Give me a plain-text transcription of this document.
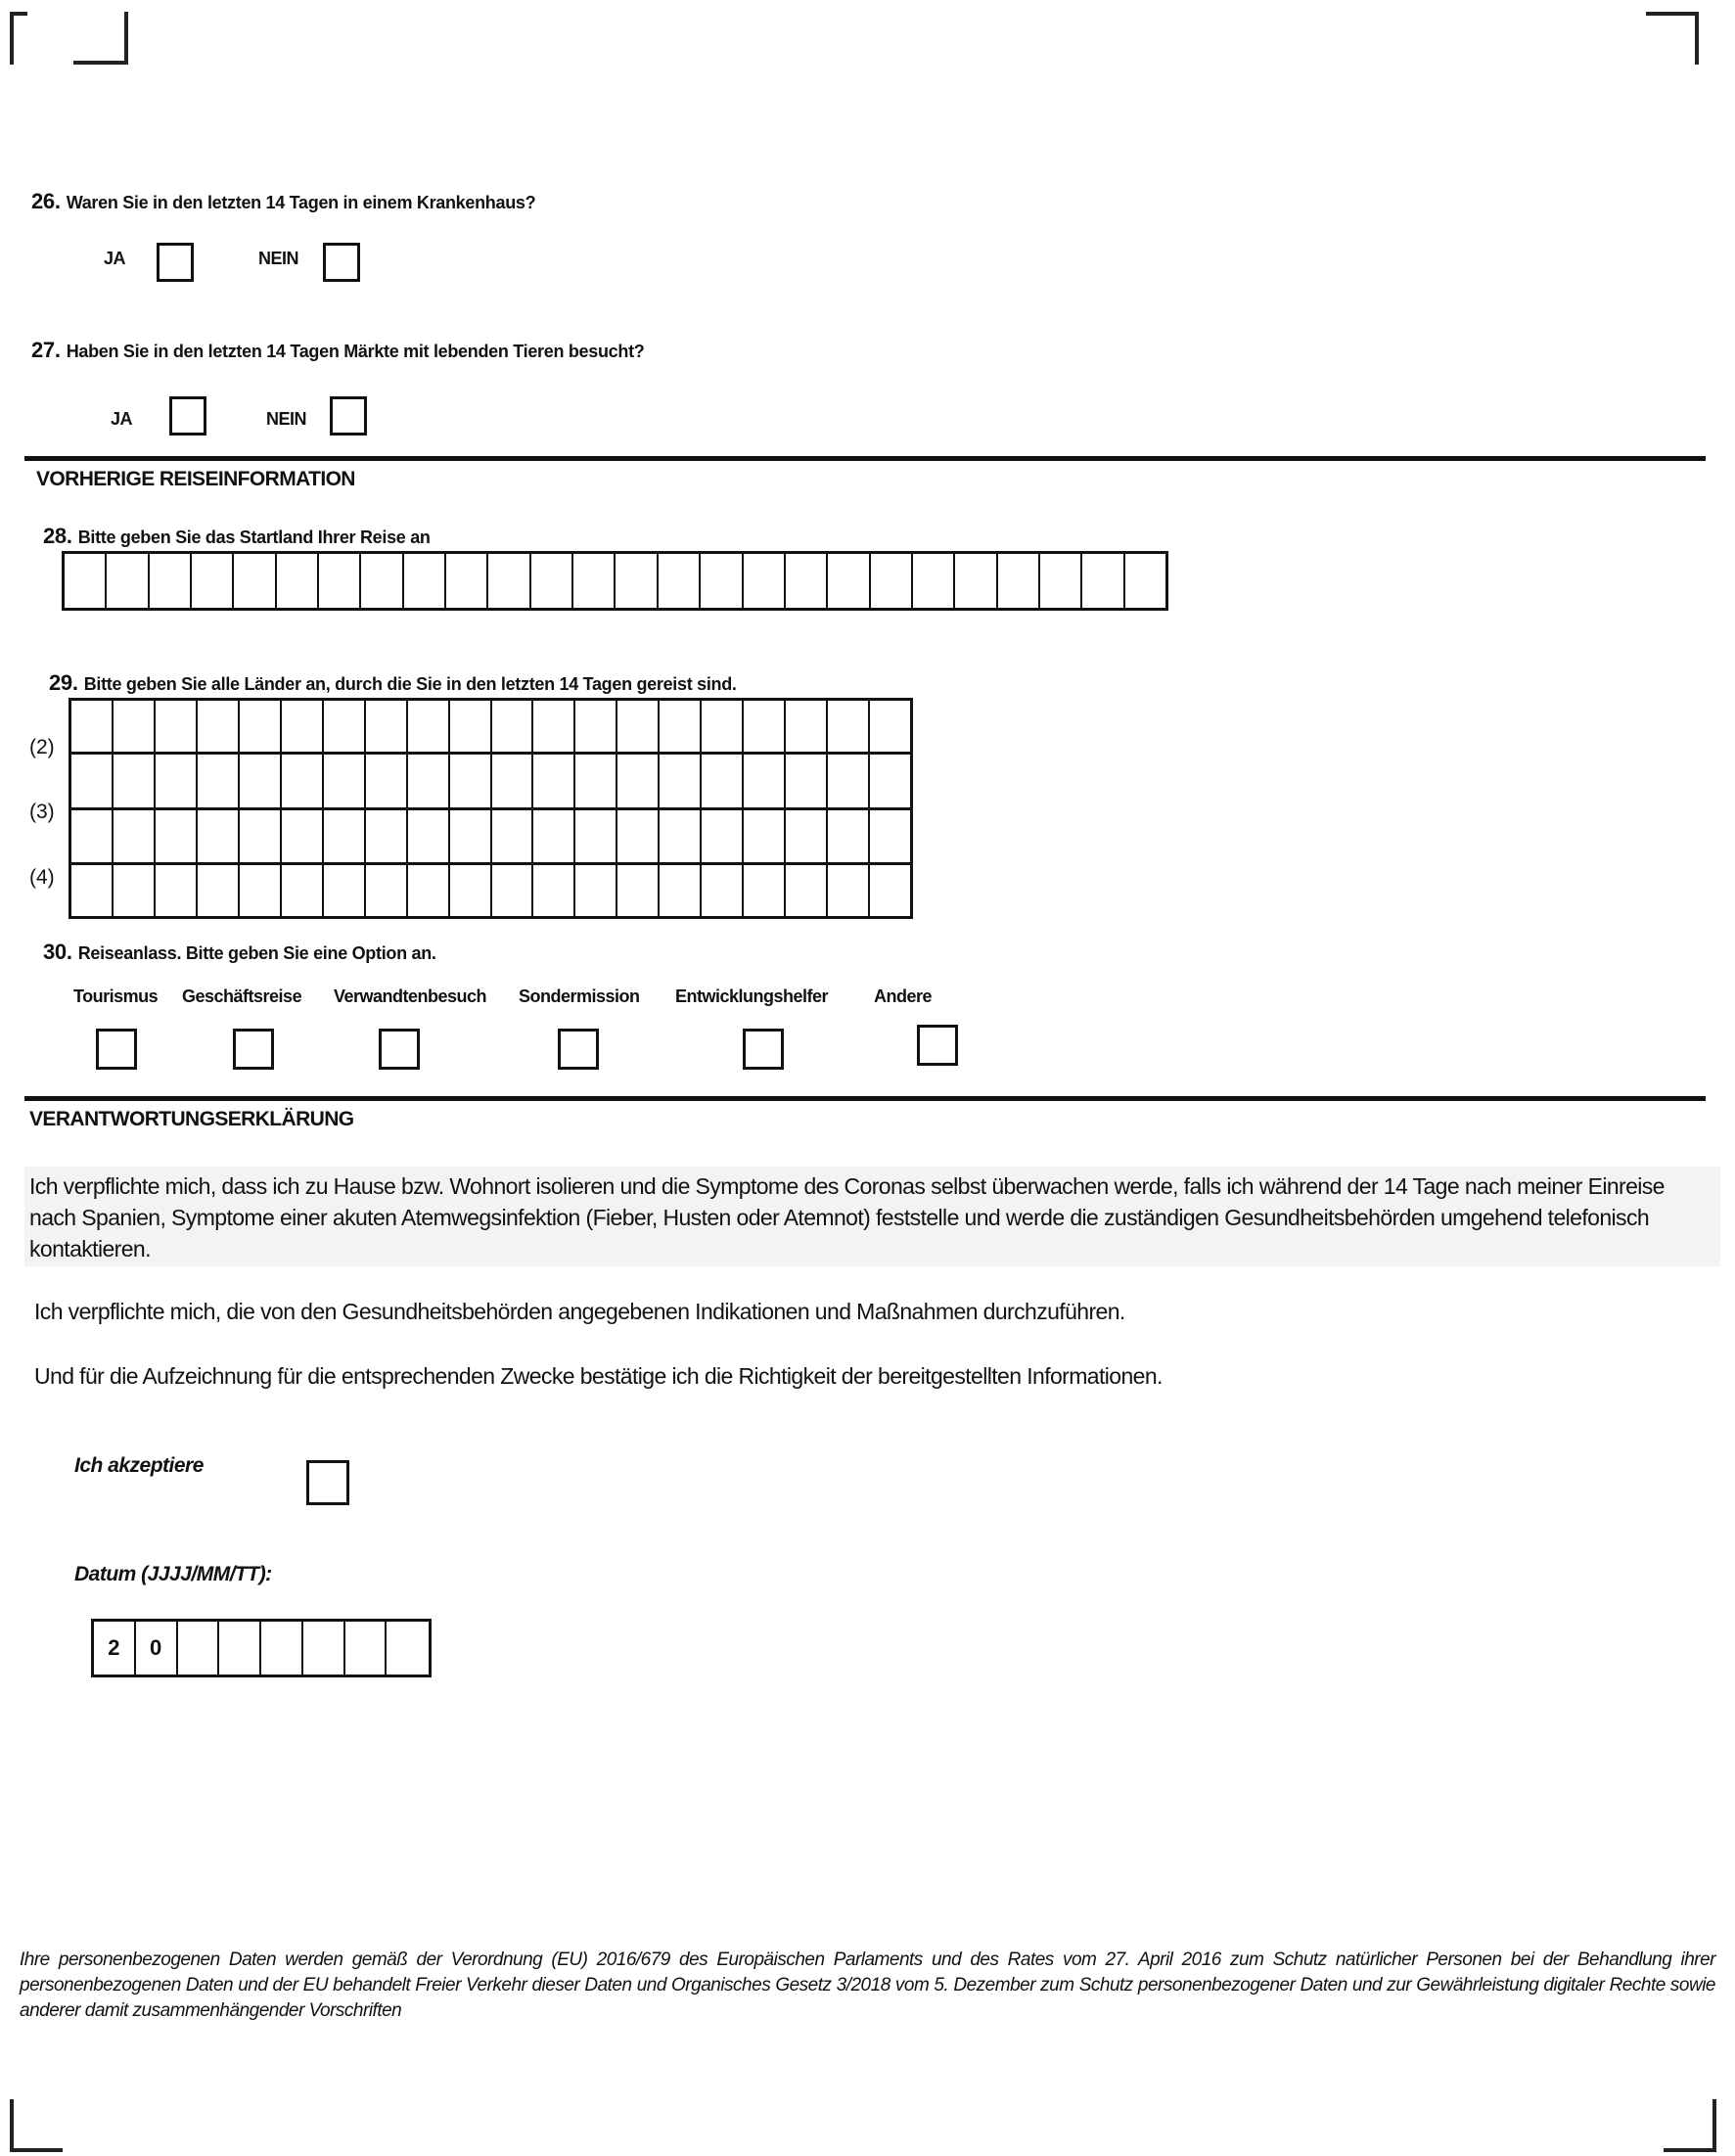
26. Waren Sie in den letzten 14 Tagen in einem Krankenhaus?
JA	NEIN
27. Haben Sie in den letzten 14 Tagen Märkte mit lebenden Tieren besucht?
JA	NEIN
VORHERIGE REISEINFORMATION
28. Bitte geben Sie das Startland Ihrer Reise an
29. Bitte geben Sie alle Länder an, durch die Sie in den letzten 14 Tagen gereist sind.
(2)
(3)
(4)
30. Reiseanlass. Bitte geben Sie eine Option an.
Tourismus Geschäftsreise Verwandtenbesuch Sondermission Entwicklungshelfer	Andere
VERANTWORTUNGSERKLÄRUNG
Ich verpflichte mich, dass ich zu Hause bzw. Wohnort isolieren und die Symptome des Coronas selbst überwachen werde, falls ich während der 14 Tage nach meiner Einreise nach Spanien, Symptome einer akuten Atemwegsinfektion (Fieber, Husten oder Atemnot) feststelle und werde die zuständigen Gesundheitsbehörden umgehend telefonisch kontaktieren.
Ich verpflichte mich, die von den Gesundheitsbehörden angegebenen Indikationen und Maßnahmen durchzuführen.
Und für die Aufzeichnung für die entsprechenden Zwecke bestätige ich die Richtigkeit der bereitgestellten Informationen.
Ich akzeptiere
Datum (JJJJ/MM/TT):
2	0
Ihre personenbezogenen Daten werden gemäß der Verordnung (EU) 2016/679 des Europäischen Parlaments und des Rates vom 27. April 2016 zum Schutz natürlicher Personen bei der Behandlung ihrer personenbezogenen Daten und der EU behandelt Freier Verkehr dieser Daten und Organisches Gesetz 3/2018 vom 5. Dezember zum Schutz personenbezogener Daten und zur Gewährleistung digitaler Rechte sowie anderer damit zusammenhängender Vorschriften
